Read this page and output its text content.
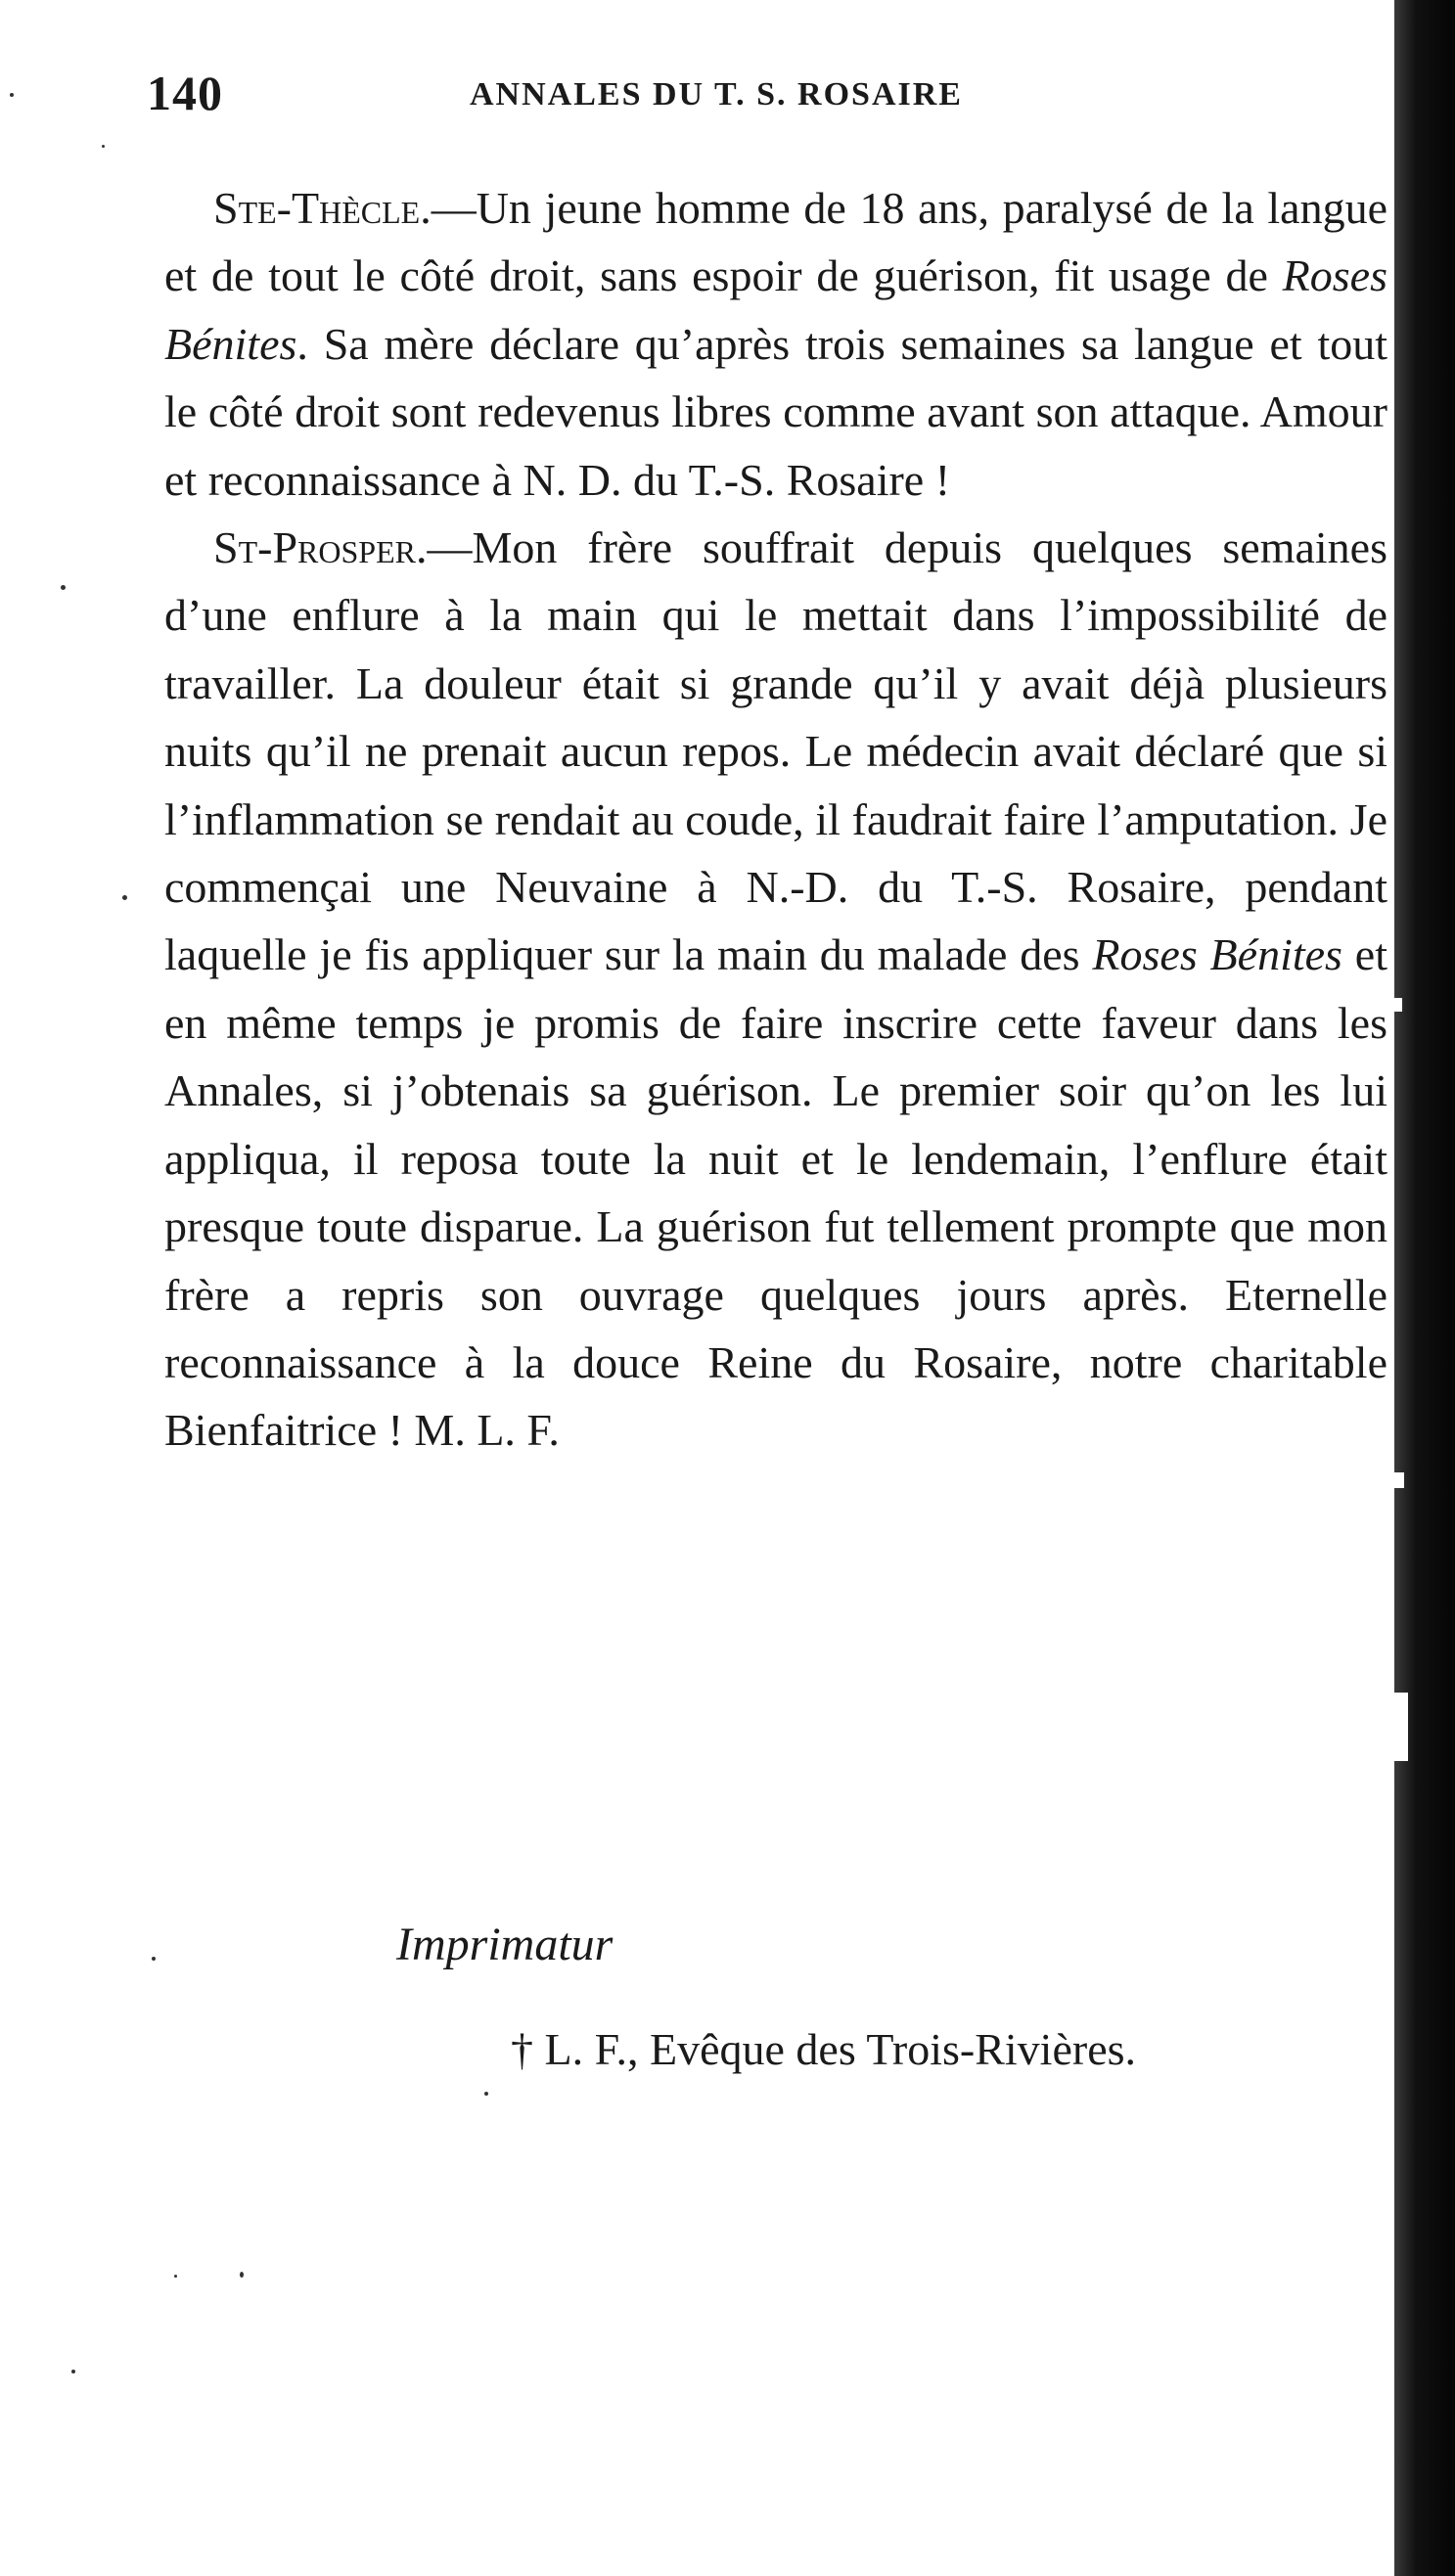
140	ANNALES DU T. S. ROSAIRE

Ste-Thècle.—Un jeune homme de 18 ans, paralysé de la langue et de tout le côté droit, sans espoir de guérison, fit usage de Roses Bénites. Sa mère déclare qu’après trois semaines sa langue et tout le côté droit sont redevenus libres comme avant son attaque. Amour et reconnaissance à N. D. du T.-S. Rosaire !

St-Prosper.—Mon frère souffrait depuis quelques semaines d’une enflure à la main qui le mettait dans l’impossibilité de travailler. La douleur était si grande qu’il y avait déjà plusieurs nuits qu’il ne prenait aucun repos. Le médecin avait déclaré que si l’inflammation se rendait au coude, il faudrait faire l’amputation. Je commençai une Neuvaine à N.-D. du T.-S. Rosaire, pendant laquelle je fis appliquer sur la main du malade des Roses Bénites et en même temps je promis de faire inscrire cette faveur dans les Annales, si j’obtenais sa guérison. Le premier soir qu’on les lui appliqua, il reposa toute la nuit et le lendemain, l’enflure était presque toute disparue. La guérison fut tellement prompte que mon frère a repris son ouvrage quelques jours après. Eternelle reconnaissance à la douce Reine du Rosaire, notre charitable Bienfaitrice ! M. L. F.

Imprimatur
† L. F., Evêque des Trois-Rivières.
